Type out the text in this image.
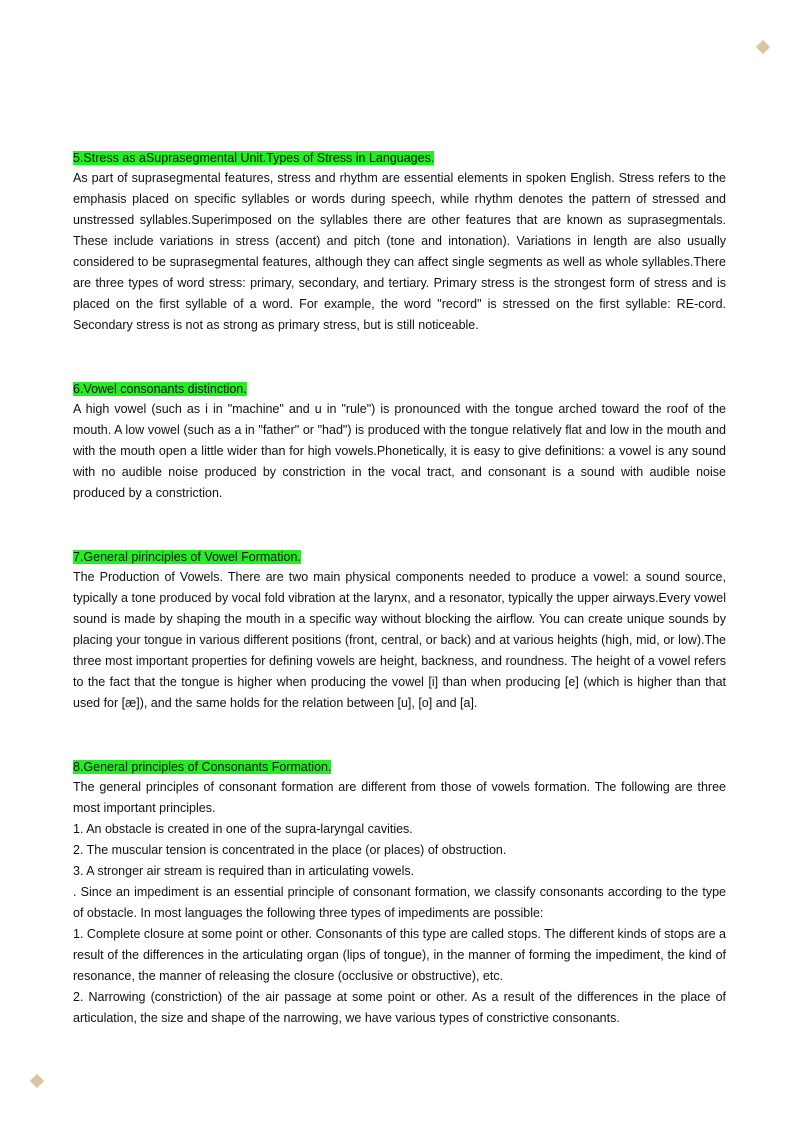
5.Stress as aSuprasegmental Unit.Types of Stress in Languages.

As part of suprasegmental features, stress and rhythm are essential elements in spoken English. Stress refers to the emphasis placed on specific syllables or words during speech, while rhythm denotes the pattern of stressed and unstressed syllables.Superimposed on the syllables there are other features that are known as suprasegmentals. These include variations in stress (accent) and pitch (tone and intonation). Variations in length are also usually considered to be suprasegmental features, although they can affect single segments as well as whole syllables.There are three types of word stress: primary, secondary, and tertiary. Primary stress is the strongest form of stress and is placed on the first syllable of a word. For example, the word "record" is stressed on the first syllable: RE-cord. Secondary stress is not as strong as primary stress, but is still noticeable.

6.Vowel consonants distinction.

A high vowel (such as i in "machine" and u in "rule") is pronounced with the tongue arched toward the roof of the mouth. A low vowel (such as a in "father" or "had") is produced with the tongue relatively flat and low in the mouth and with the mouth open a little wider than for high vowels.Phonetically, it is easy to give definitions: a vowel is any sound with no audible noise produced by constriction in the vocal tract, and consonant is a sound with audible noise produced by a constriction.

7.General pirinciples of Vowel Formation.

The Production of Vowels. There are two main physical components needed to produce a vowel: a sound source, typically a tone produced by vocal fold vibration at the larynx, and a resonator, typically the upper airways.Every vowel sound is made by shaping the mouth in a specific way without blocking the airflow. You can create unique sounds by placing your tongue in various different positions (front, central, or back) and at various heights (high, mid, or low).The three most important properties for defining vowels are height, backness, and roundness. The height of a vowel refers to the fact that the tongue is higher when producing the vowel [i] than when producing [e] (which is higher than that used for [æ]), and the same holds for the relation between [u], [o] and [a].

8.General principles of Consonants Formation.

The general principles of consonant formation are different from those of vowels formation. The following are three most important principles.

1. An obstacle is created in one of the supra-laryngal cavities.

2. The muscular tension is concentrated in the place (or places) of obstruction.

3. A stronger air stream is required than in articulating vowels.

. Since an impediment is an essential principle of consonant formation, we classify consonants according to the type of obstacle. In most languages the following three types of impediments are possible:

1. Complete closure at some point or other. Consonants of this type are called stops. The different kinds of stops are a result of the differences in the articulating organ (lips of tongue), in the manner of forming the impediment, the kind of resonance, the manner of releasing the closure (occlusive or obstructive), etc.

2. Narrowing (constriction) of the air passage at some point or other. As a result of the differences in the place of articulation, the size and shape of the narrowing, we have various types of constrictive consonants.
